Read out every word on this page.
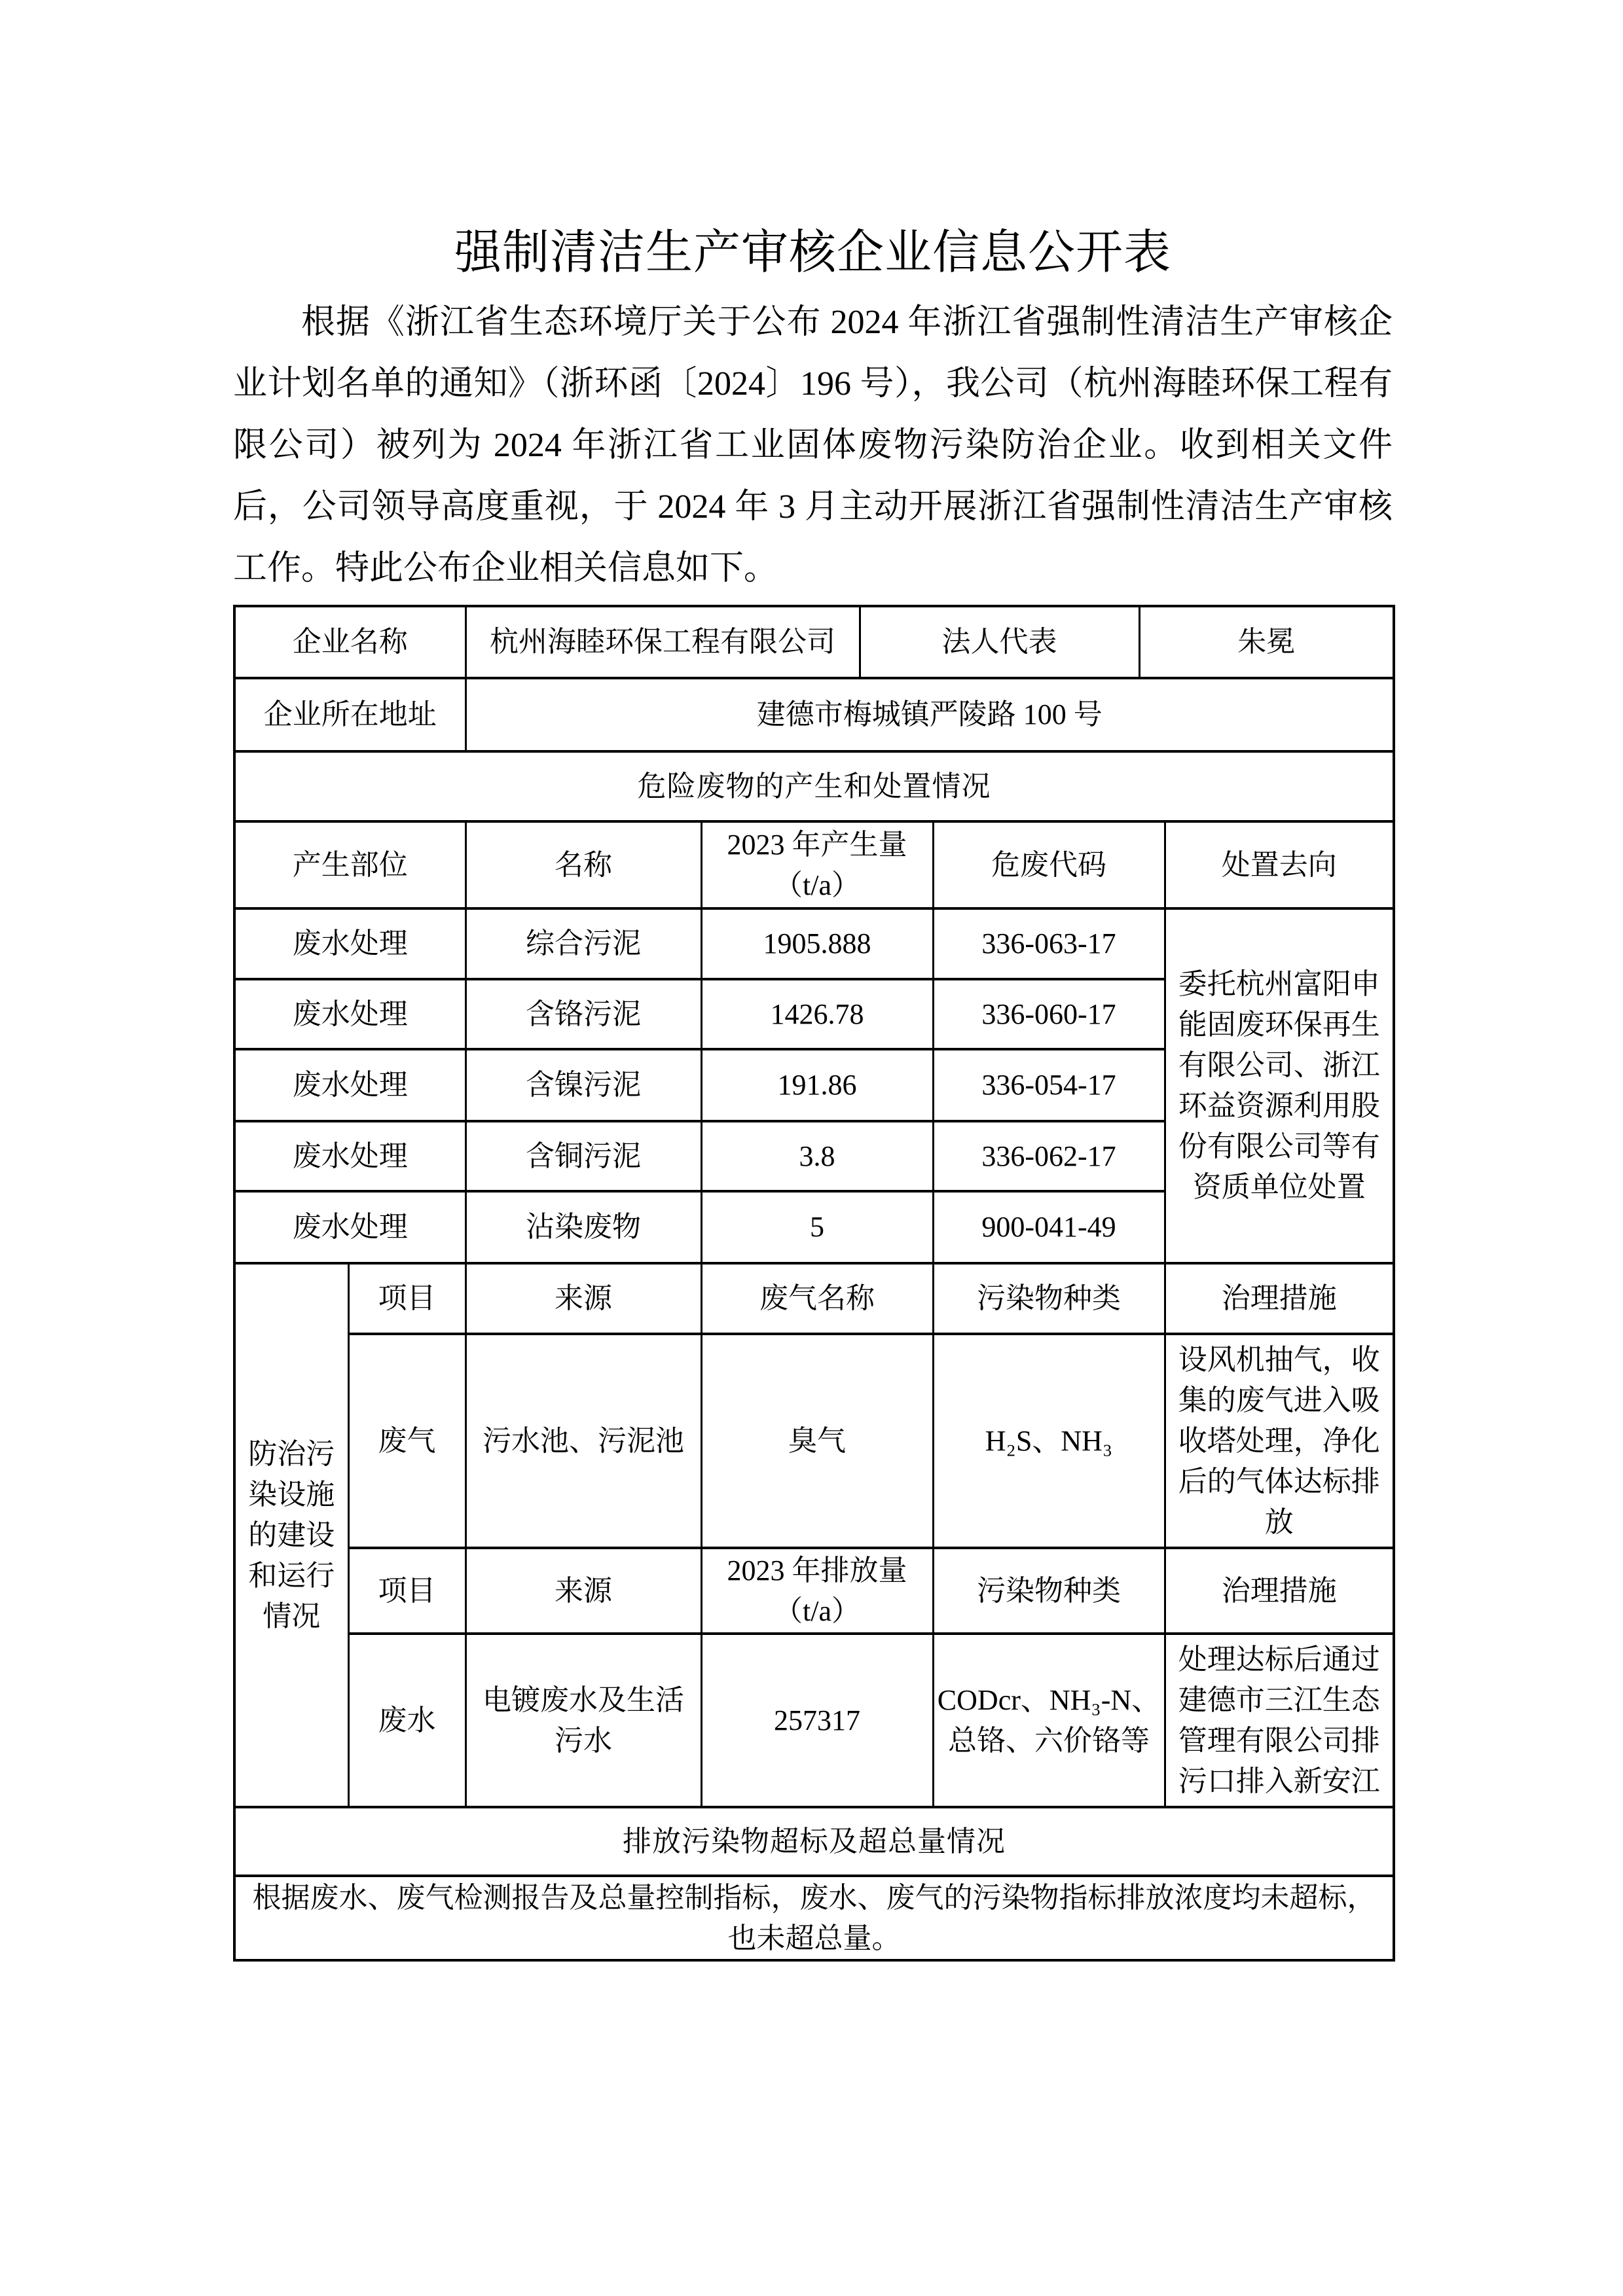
强制清洁生产审核企业信息公开表

根据《浙江省生态环境厅关于公布 2024 年浙江省强制性清洁生产审核企业计划名单的通知》（浙环函〔2024〕196 号），我公司（杭州海睦环保工程有限公司）被列为 2024 年浙江省工业固体废物污染防治企业。收到相关文件后，公司领导高度重视，于 2024 年 3 月主动开展浙江省强制性清洁生产审核工作。特此公布企业相关信息如下。

企业名称		杭州海睦环保工程有限公司		法人代表		朱冕	
企业所在地址		建德市梅城镇严陵路 100 号					
危险废物的产生和处置情况							
产生部位		名称	2023 年产生量（t/a）		危废代码		处置去向
废水处理		综合污泥	1905.888		336-063-17		委托杭州富阳申能固废环保再生有限公司、浙江环益资源利用股份有限公司等有资质单位处置
废水处理		含铬污泥	1426.78		336-060-17		
废水处理		含镍污泥	191.86		336-054-17		
废水处理		含铜污泥	3.8		336-062-17		
废水处理		沾染废物	5		900-041-49		
防治污染设施的建设和运行情况	项目	来源	废气名称		污染物种类		治理措施
	废气	污水池、污泥池	臭气		H₂S、NH₃		设风机抽气，收集的废气进入吸收塔处理，净化后的气体达标排放
	项目	来源	2023 年排放量（t/a）		污染物种类		治理措施
	废水	电镀废水及生活污水	257317		CODcr、NH₃-N、总铬、六价铬等		处理达标后通过建德市三江生态管理有限公司排污口排入新安江
排放污染物超标及超总量情况							
根据废水、废气检测报告及总量控制指标，废水、废气的污染物指标排放浓度均未超标，也未超总量。							
